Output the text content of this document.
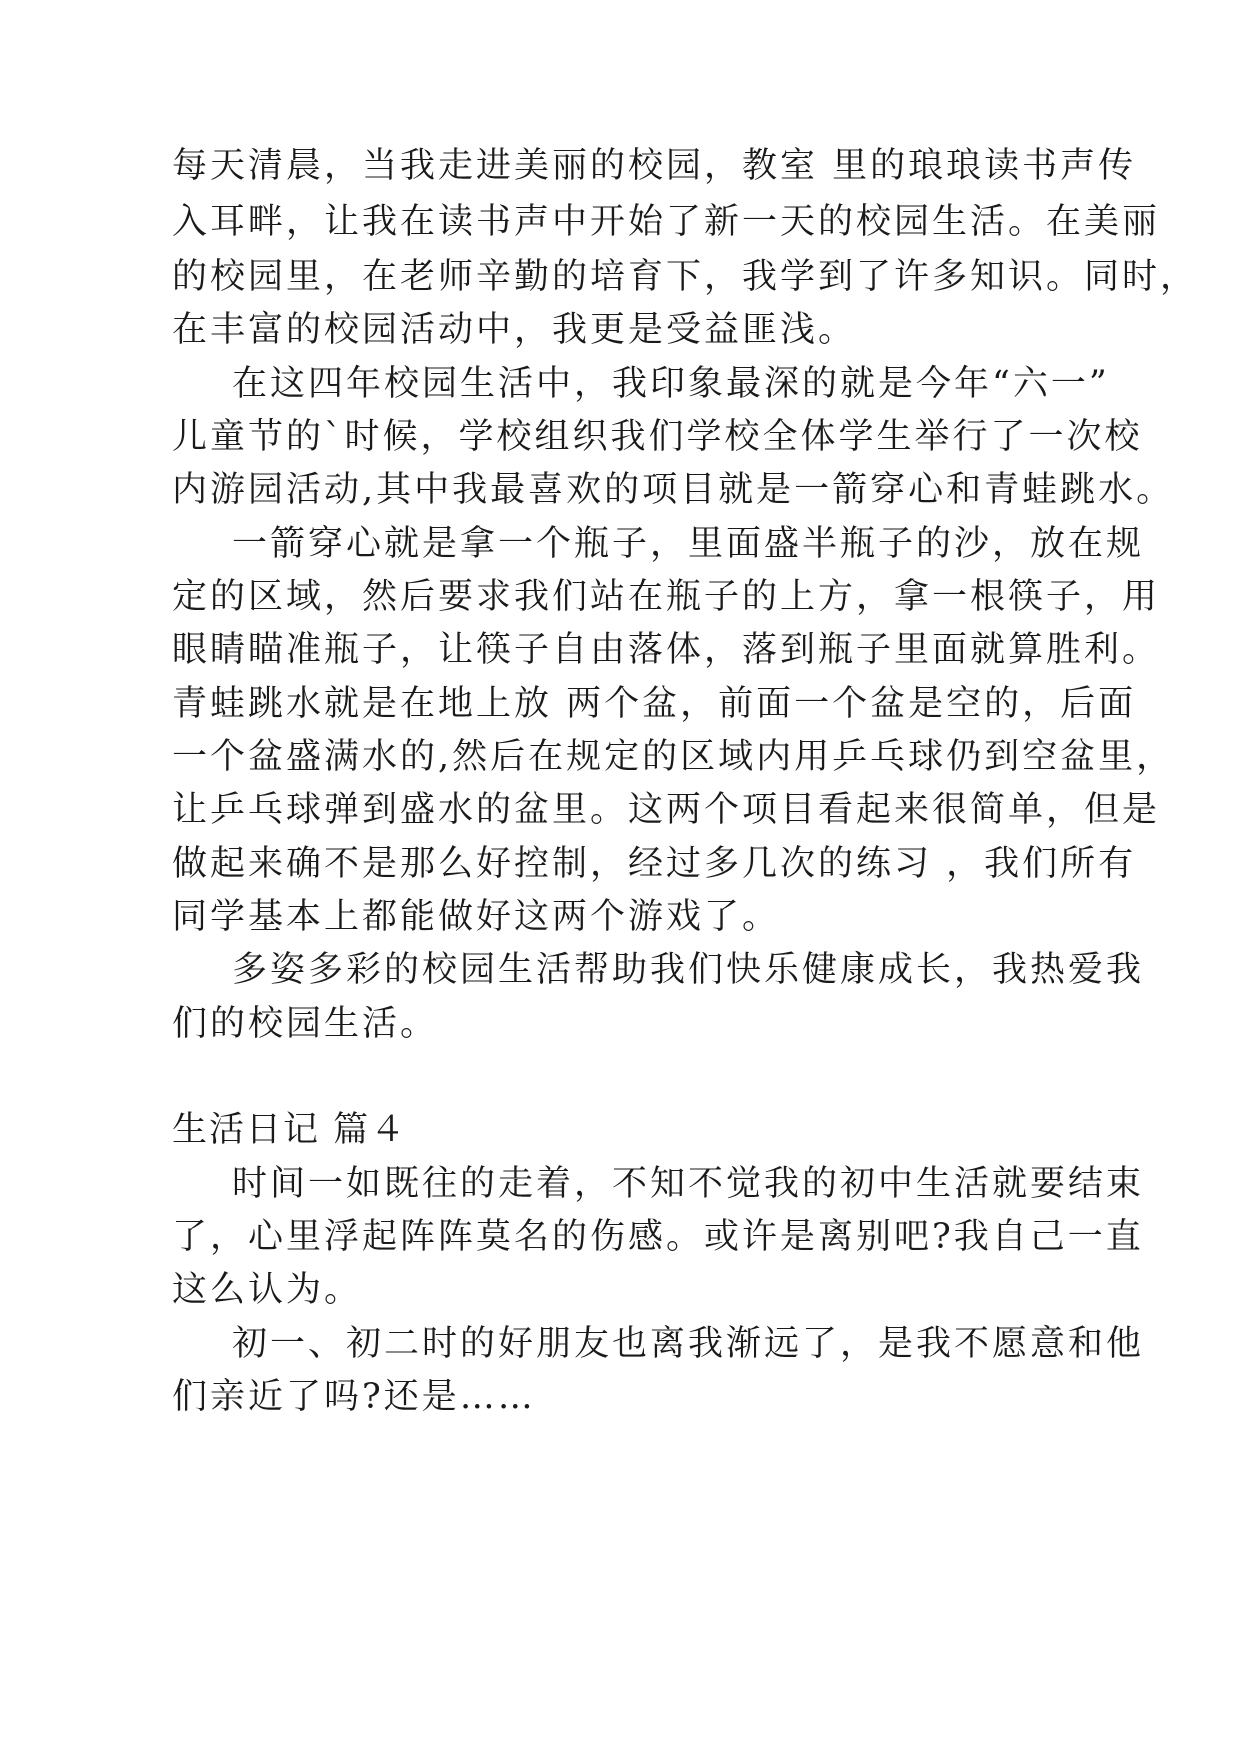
每天清晨，当我走进美丽的校园，教室 里的琅琅读书声传
入耳畔，让我在读书声中开始了新一天的校园生活。在美丽
的校园里，在老师辛勤的培育下，我学到了许多知识。同时，
在丰富的校园活动中，我更是受益匪浅。
在这四年校园生活中，我印象最深的就是今年“六一”
儿童节的`时候，学校组织我们学校全体学生举行了一次校
内游园活动,其中我最喜欢的项目就是一箭穿心和青蛙跳水。
一箭穿心就是拿一个瓶子，里面盛半瓶子的沙，放在规
定的区域，然后要求我们站在瓶子的上方，拿一根筷子，用
眼睛瞄准瓶子，让筷子自由落体，落到瓶子里面就算胜利。
青蛙跳水就是在地上放 两个盆，前面一个盆是空的，后面
一个盆盛满水的,然后在规定的区域内用乒乓球仍到空盆里，
让乒乓球弹到盛水的盆里。这两个项目看起来很简单，但是
做起来确不是那么好控制，经过多几次的练习 ，我们所有
同学基本上都能做好这两个游戏了。
多姿多彩的校园生活帮助我们快乐健康成长，我热爱我
们的校园生活。
生活日记 篇４
时间一如既往的走着，不知不觉我的初中生活就要结束
了，心里浮起阵阵莫名的伤感。或许是离别吧?我自己一直
这么认为。
初一、初二时的好朋友也离我渐远了，是我不愿意和他
们亲近了吗?还是……
